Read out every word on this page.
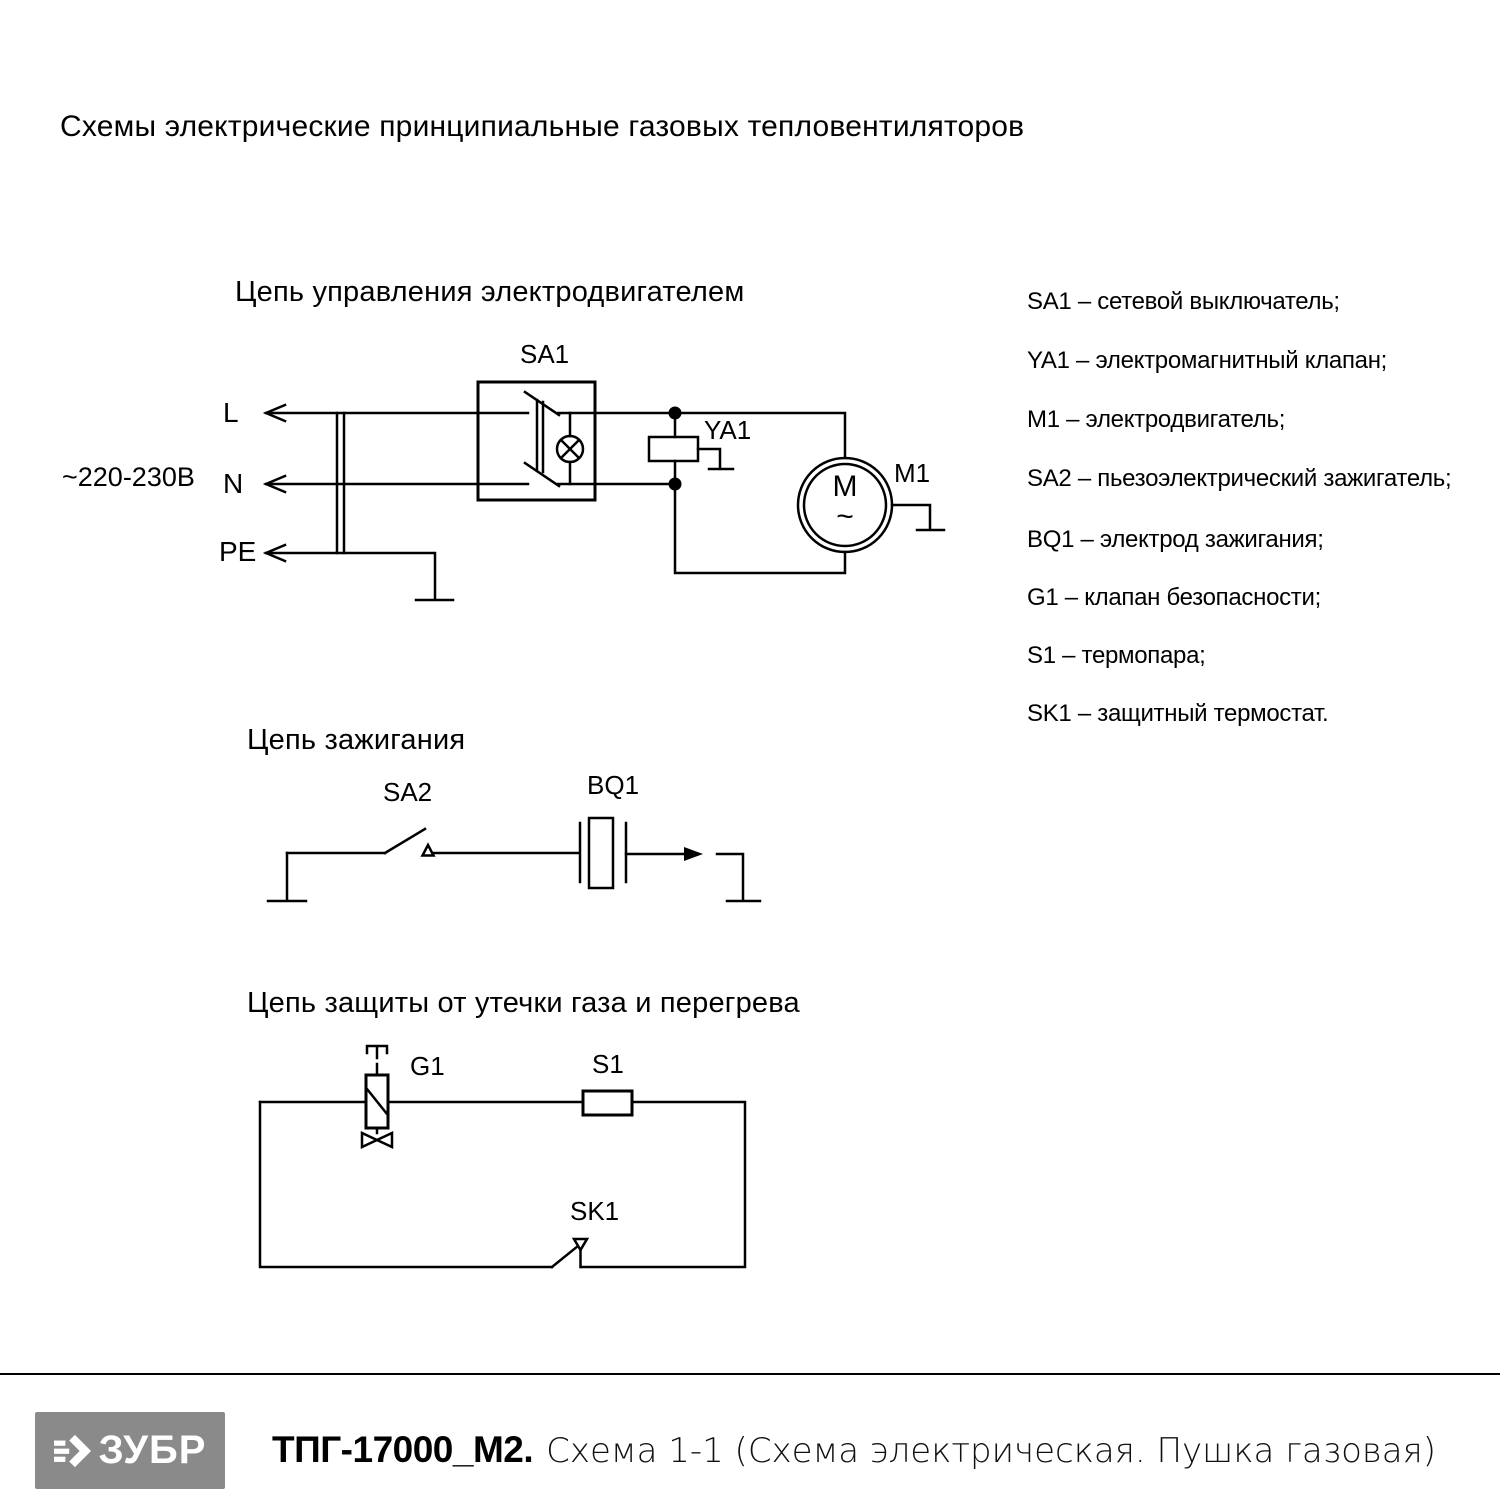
Схемы электрические принципиальные газовых тепловентиляторов
Цепь управления электродвигателем
SA1
YA1
M1
M
~
~220-230В
L
N
PE
SA1 – сетевой выключатель;
YA1 – электромагнитный клапан;
M1 – электродвигатель;
SA2 – пьезоэлектрический зажигатель;
BQ1 – электрод зажигания;
G1 – клапан безопасности;
S1 – термопара;
SK1 – защитный термостат.
Цепь зажигания
SA2	BQ1
Цепь защиты от утечки газа и перегрева
G1	S1
SK1
ЗУБР ТПГ-17000_М2. Схема 1-1 (Схема электрическая. Пушка газовая)
